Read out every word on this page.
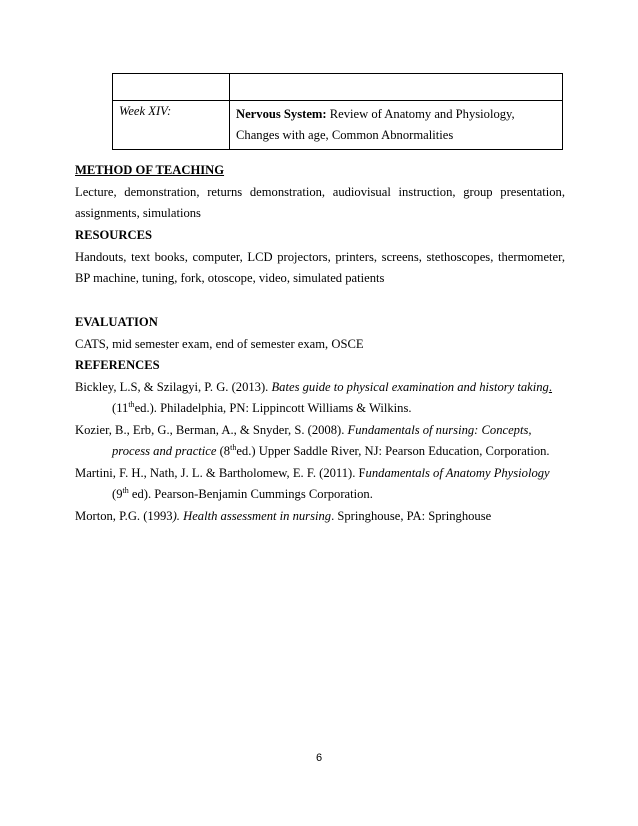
Week XIV:	Nervous System: Review of Anatomy and Physiology, Changes with age, Common Abnormalities
METHOD OF TEACHING
Lecture, demonstration, returns demonstration, audiovisual instruction, group presentation, assignments, simulations
RESOURCES
Handouts, text books, computer, LCD projectors, printers, screens, stethoscopes, thermometer, BP machine, tuning, fork, otoscope, video, simulated patients
EVALUATION
CATS, mid semester exam, end of semester exam, OSCE
REFERENCES

Bickley, L.S, & Szilagyi, P. G. (2013). Bates guide to physical examination and history taking.
(11thed.). Philadelphia, PN: Lippincott Williams & Wilkins.

Kozier, B., Erb, G., Berman, A., & Snyder, S. (2008). Fundamentals of nursing: Concepts, process and practice (8thed.) Upper Saddle River, NJ: Pearson Education, Corporation.

Martini, F. H., Nath, J. L. & Bartholomew, E. F. (2011). Fundamentals of Anatomy Physiology (9th ed). Pearson-Benjamin Cummings Corporation.

Morton, P.G. (1993). Health assessment in nursing. Springhouse, PA: Springhouse

6
